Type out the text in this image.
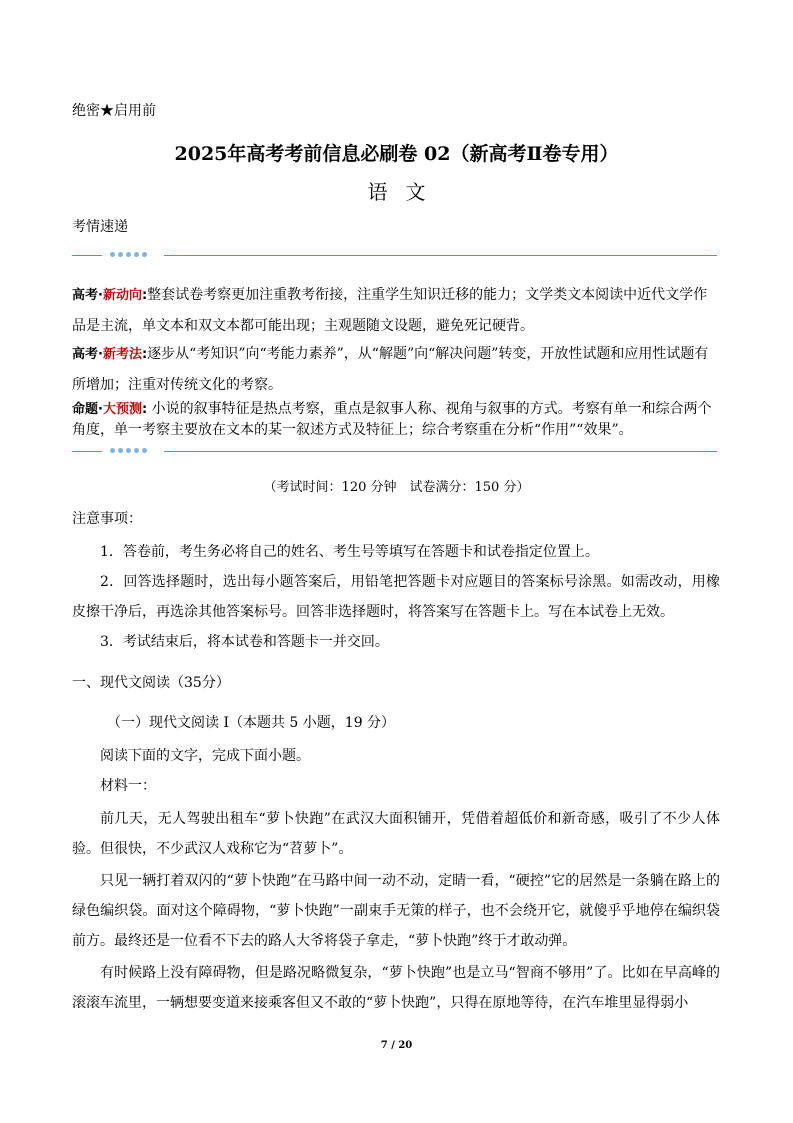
绝密★启用前
2025年高考考前信息必刷卷 02（新高考Ⅱ卷专用）
语文
考情速递
高考·新动向:整套试卷考察更加注重教考衔接，注重学生知识迁移的能力；文学类文本阅读中近代文学作品是主流，单文本和双文本都可能出现；主观题随文设题，避免死记硬背。
高考·新考法:逐步从“考知识”向“考能力素养”，从“解题”向“解决问题”转变，开放性试题和应用性试题有所增加；注重对传统文化的考察。
命题·大预测: 小说的叙事特征是热点考察，重点是叙事人称、视角与叙事的方式。考察有单一和综合两个角度，单一考察主要放在文本的某一叙述方式及特征上；综合考察重在分析“作用”“效果”。
（考试时间：120 分钟　试卷满分：150 分）
注意事项：
1．答卷前，考生务必将自己的姓名、考生号等填写在答题卡和试卷指定位置上。
2．回答选择题时，选出每小题答案后，用铅笔把答题卡对应题目的答案标号涂黑。如需改动，用橡皮擦干净后，再选涂其他答案标号。回答非选择题时，将答案写在答题卡上。写在本试卷上无效。
3．考试结束后，将本试卷和答题卡一并交回。
一、现代文阅读（35分）
（一）现代文阅读 I（本题共 5 小题，19 分）
阅读下面的文字，完成下面小题。
材料一：
前几天，无人驾驶出租车“萝卜快跑”在武汉大面积铺开，凭借着超低价和新奇感，吸引了不少人体验。但很快，不少武汉人戏称它为“苕萝卜”。
只见一辆打着双闪的“萝卜快跑”在马路中间一动不动，定睛一看，“硬控”它的居然是一条躺在路上的绿色编织袋。面对这个障碍物，“萝卜快跑”一副束手无策的样子，也不会绕开它，就傻乎乎地停在编织袋前方。最终还是一位看不下去的路人大爷将袋子拿走，“萝卜快跑”终于才敢动弹。
有时候路上没有障碍物，但是路况略微复杂，“萝卜快跑”也是立马“智商不够用”了。比如在早高峰的滚滚车流里，一辆想要变道来接乘客但又不敢的“萝卜快跑”，只得在原地等待，在汽车堆里显得弱小
7 / 20
